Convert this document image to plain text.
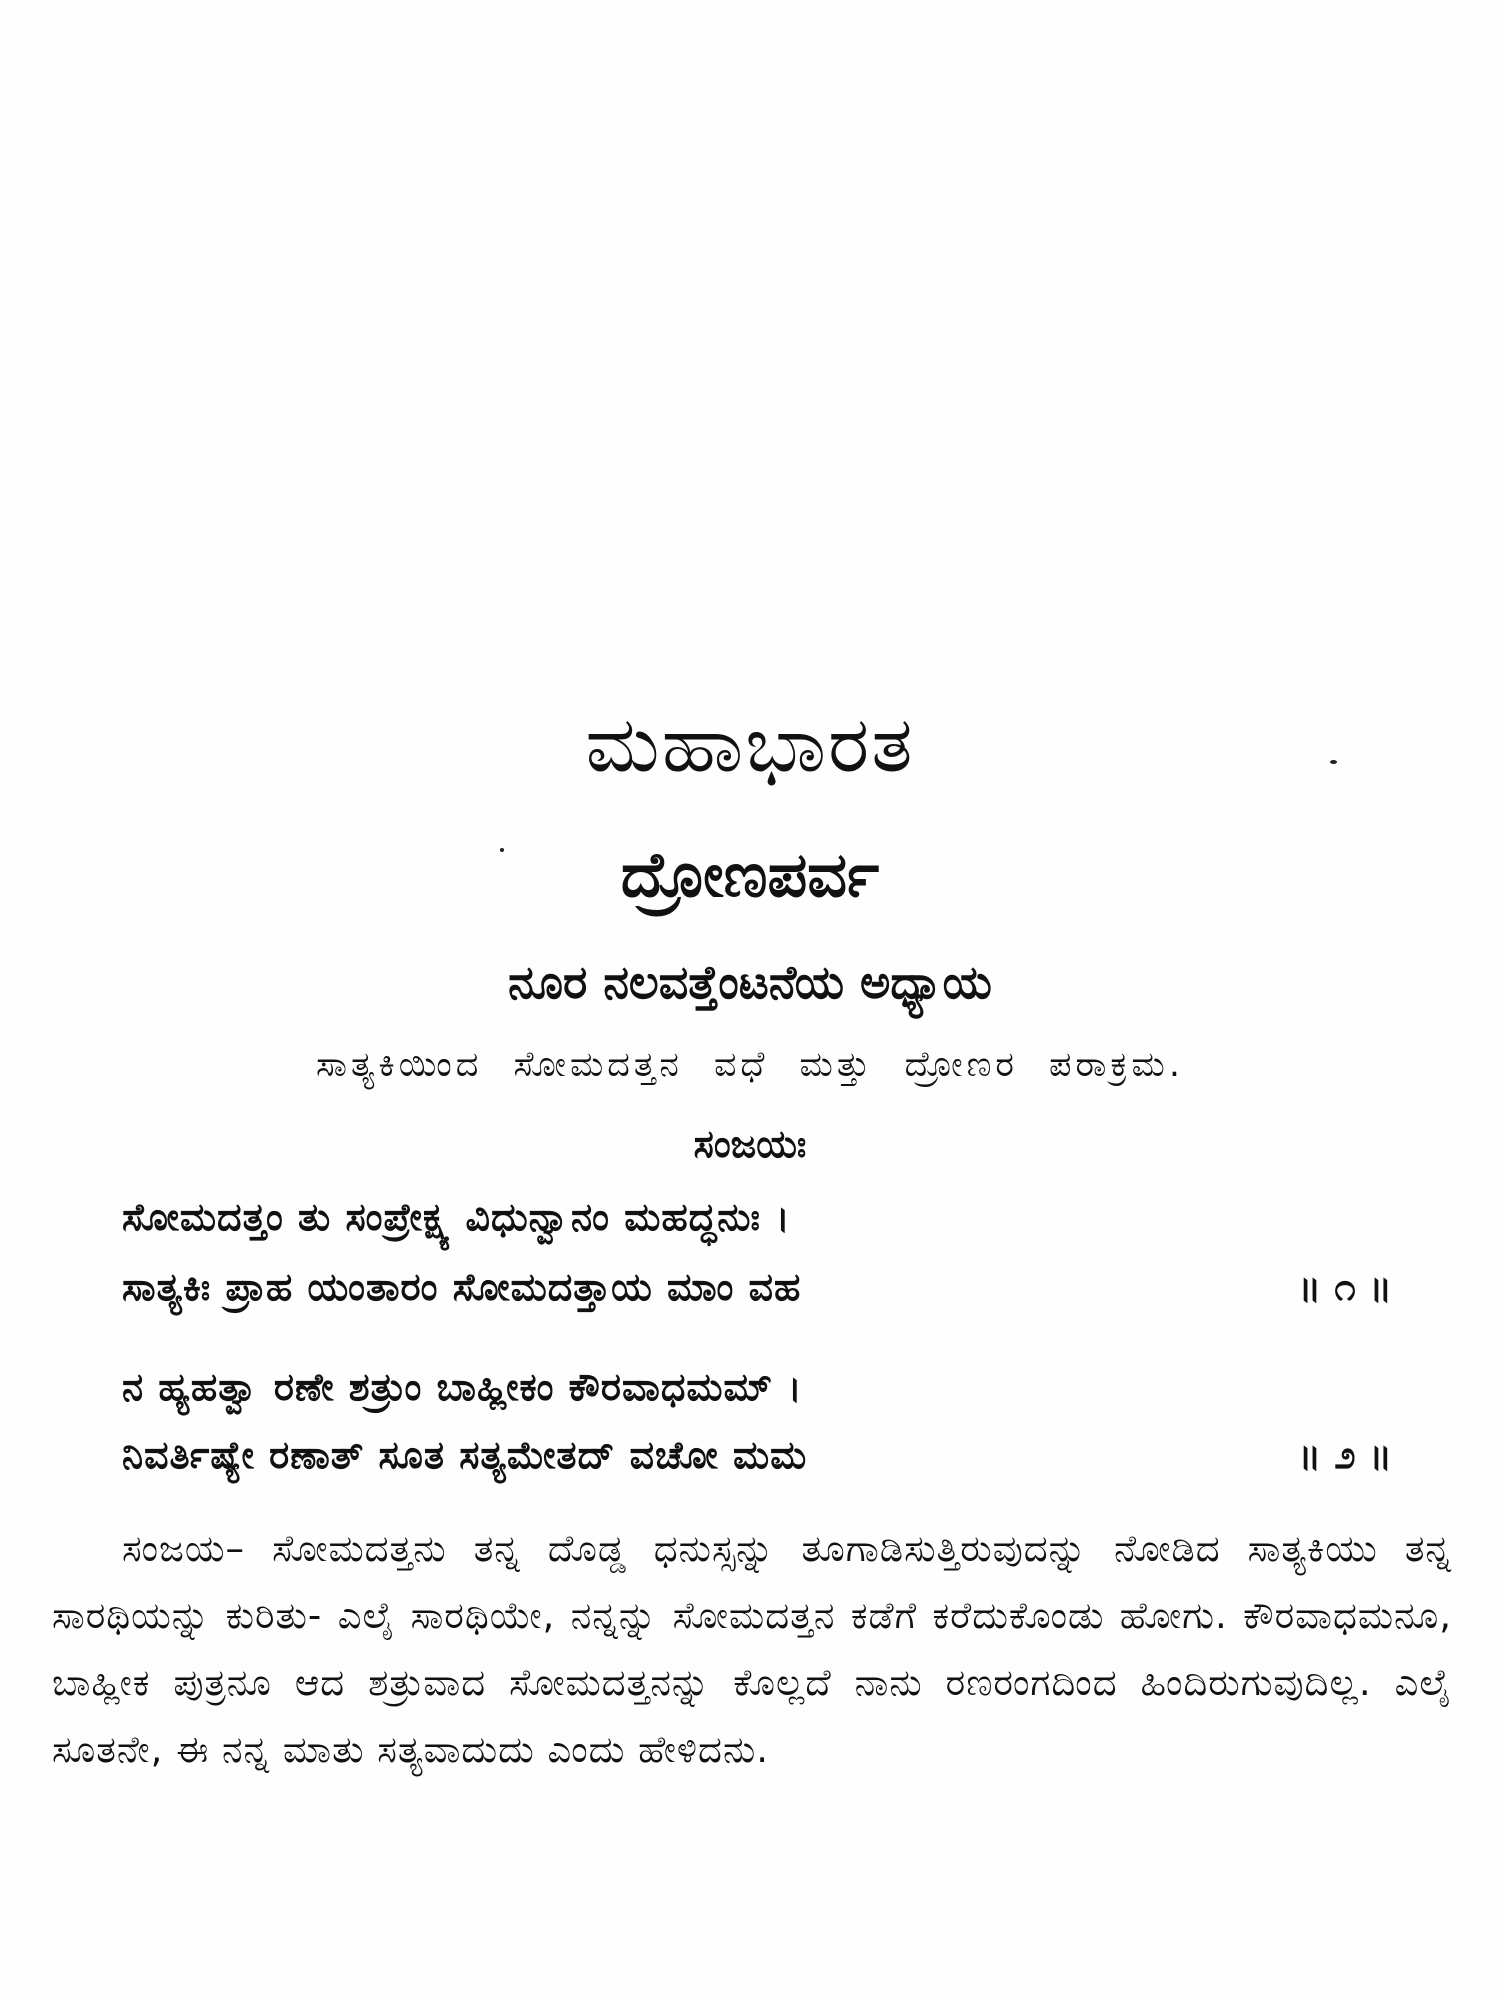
ಮಹಾಭಾರತ
ದ್ರೋಣಪರ್ವ
ನೂರ ನಲವತ್ತೆಂಟನೆಯ ಅಧ್ಯಾಯ
ಸಾತ್ಯಕಿಯಿಂದ ಸೋಮದತ್ತನ ವಧೆ ಮತ್ತು ದ್ರೋಣರ ಪರಾಕ್ರಮ.
ಸಂಜಯಃ
ಸೋಮದತ್ತಂ ತು ಸಂಪ್ರೇಕ್ಷ್ಯ ವಿಧುನ್ವಾನಂ ಮಹದ್ಧನುಃ ।
ಸಾತ್ಯಕಿಃ ಪ್ರಾಹ ಯಂತಾರಂ ಸೋಮದತ್ತಾಯ ಮಾಂ ವಹ	॥ ೧ ॥
ನ ಹ್ಯಹತ್ವಾ ರಣೇ ಶತ್ರುಂ ಬಾಹ್ಲೀಕಂ ಕೌರವಾಧಮಮ್ ।
ನಿವರ್ತಿಷ್ಯೇ ರಣಾತ್ ಸೂತ ಸತ್ಯಮೇತದ್ ವಚೋ ಮಮ	॥ ೨ ॥
ಸಂಜಯ– ಸೋಮದತ್ತನು ತನ್ನ ದೊಡ್ಡ ಧನುಸ್ಸನ್ನು ತೂಗಾಡಿಸುತ್ತಿರುವುದನ್ನು ನೋಡಿದ ಸಾತ್ಯಕಿಯು ತನ್ನ ಸಾರಥಿಯನ್ನು ಕುರಿತು- ಎಲೈ ಸಾರಥಿಯೇ, ನನ್ನನ್ನು ಸೋಮದತ್ತನ ಕಡೆಗೆ ಕರೆದುಕೊಂಡು ಹೋಗು. ಕೌರವಾಧಮನೂ, ಬಾಹ್ಲೀಕ ಪುತ್ರನೂ ಆದ ಶತ್ರುವಾದ ಸೋಮದತ್ತನನ್ನು ಕೊಲ್ಲದೆ ನಾನು ರಣರಂಗದಿಂದ ಹಿಂದಿರುಗುವುದಿಲ್ಲ. ಎಲೈ ಸೂತನೇ, ಈ ನನ್ನ ಮಾತು ಸತ್ಯವಾದುದು ಎಂದು ಹೇಳಿದನು.
